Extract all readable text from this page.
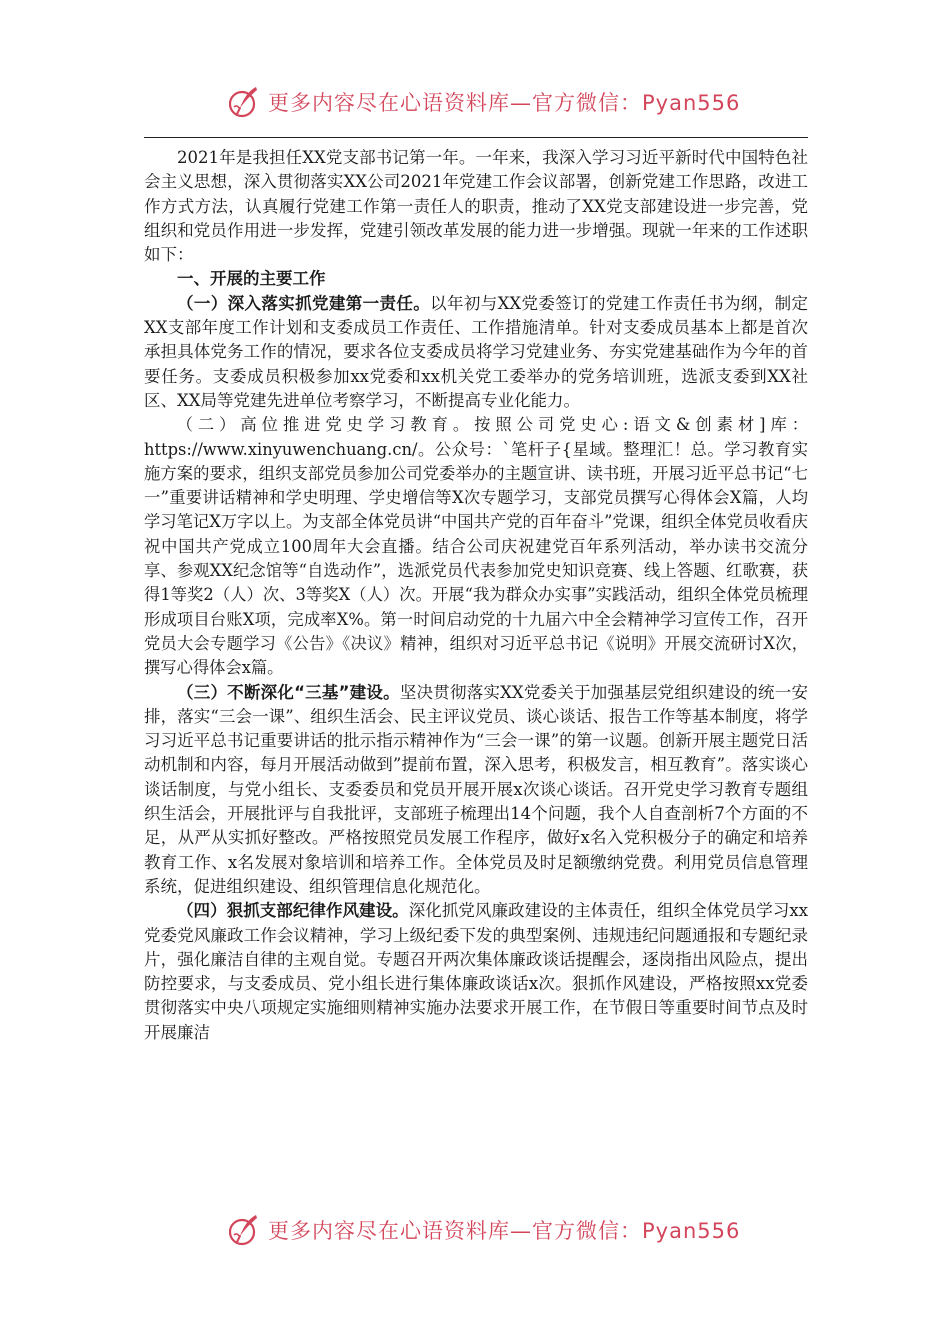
更多内容尽在心语资料库—官方微信：Pyan556

2021年是我担任XX党支部书记第一年。一年来，我深入学习习近平新时代中国特色社会主义思想，深入贯彻落实XX公司2021年党建工作会议部署，创新党建工作思路，改进工作方式方法，认真履行党建工作第一责任人的职责，推动了XX党支部建设进一步完善，党组织和党员作用进一步发挥，党建引领改革发展的能力进一步增强。现就一年来的工作述职如下：

一、开展的主要工作

（一）深入落实抓党建第一责任。以年初与XX党委签订的党建工作责任书为纲，制定XX支部年度工作计划和支委成员工作责任、工作措施清单。针对支委成员基本上都是首次承担具体党务工作的情况，要求各位支委成员将学习党建业务、夯实党建基础作为今年的首要任务。支委成员积极参加xx党委和xx机关党工委举办的党务培训班，选派支委到XX社区、XX局等党建先进单位考察学习，不断提高专业化能力。

（二）高位推进党史学习教育。按照公司党史心:语文&创素材]库：https://www.xinyuwenchuang.cn/。公众号：`笔杆子{星域。整理汇！总。学习教育实施方案的要求，组织支部党员参加公司党委举办的主题宣讲、读书班，开展习近平总书记“七一”重要讲话精神和学史明理、学史增信等X次专题学习，支部党员撰写心得体会X篇，人均学习笔记X万字以上。为支部全体党员讲“中国共产党的百年奋斗”党课，组织全体党员收看庆祝中国共产党成立100周年大会直播。结合公司庆祝建党百年系列活动，举办读书交流分享、参观XX纪念馆等“自选动作”，选派党员代表参加党史知识竞赛、线上答题、红歌赛，获得1等奖2（人）次、3等奖X（人）次。开展“我为群众办实事”实践活动，组织全体党员梳理形成项目台账X项，完成率X%。第一时间启动党的十九届六中全会精神学习宣传工作，召开党员大会专题学习《公告》《决议》精神，组织对习近平总书记《说明》开展交流研讨X次，撰写心得体会x篇。

（三）不断深化“三基”建设。坚决贯彻落实XX党委关于加强基层党组织建设的统一安排，落实“三会一课”、组织生活会、民主评议党员、谈心谈话、报告工作等基本制度，将学习习近平总书记重要讲话的批示指示精神作为“三会一课”的第一议题。创新开展主题党日活动机制和内容，每月开展活动做到”提前布置，深入思考，积极发言，相互教育”。落实谈心谈话制度，与党小组长、支委委员和党员开展开展x次谈心谈话。召开党史学习教育专题组织生活会，开展批评与自我批评，支部班子梳理出14个问题，我个人自查剖析7个方面的不足，从严从实抓好整改。严格按照党员发展工作程序，做好x名入党积极分子的确定和培养教育工作、x名发展对象培训和培养工作。全体党员及时足额缴纳党费。利用党员信息管理系统，促进组织建设、组织管理信息化规范化。

（四）狠抓支部纪律作风建设。深化抓党风廉政建设的主体责任，组织全体党员学习xx党委党风廉政工作会议精神，学习上级纪委下发的典型案例、违规违纪问题通报和专题纪录片，强化廉洁自律的主观自觉。专题召开两次集体廉政谈话提醒会，逐岗指出风险点，提出防控要求，与支委成员、党小组长进行集体廉政谈话x次。狠抓作风建设，严格按照xx党委贯彻落实中央八项规定实施细则精神实施办法要求开展工作，在节假日等重要时间节点及时开展廉洁

更多内容尽在心语资料库—官方微信：Pyan556
